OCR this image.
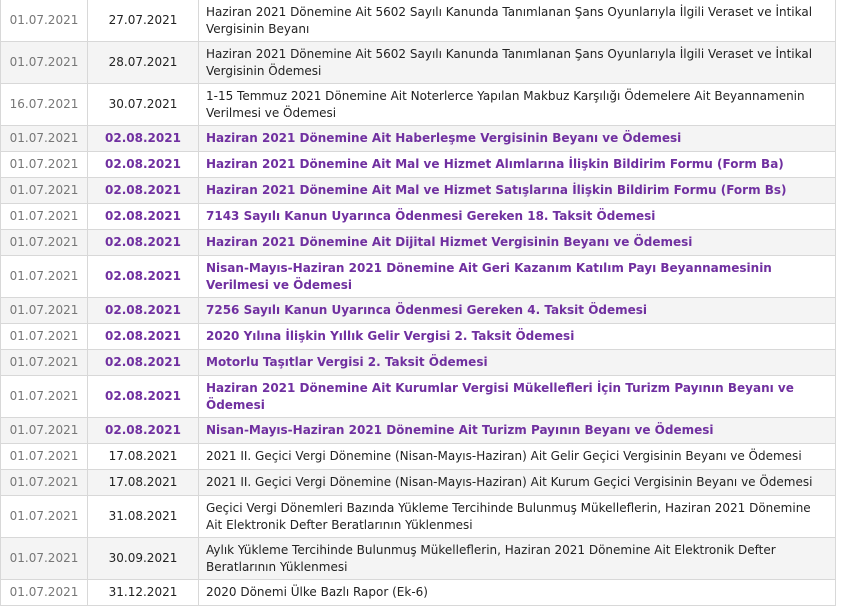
01.07.2021	27.07.2021	Haziran 2021 Dönemine Ait 5602 Sayılı Kanunda Tanımlanan Şans Oyunlarıyla İlgili Veraset ve İntikal Vergisinin Beyanı
01.07.2021	28.07.2021	Haziran 2021 Dönemine Ait 5602 Sayılı Kanunda Tanımlanan Şans Oyunlarıyla İlgili Veraset ve İntikal Vergisinin Ödemesi
16.07.2021	30.07.2021	1-15 Temmuz 2021 Dönemine Ait Noterlerce Yapılan Makbuz Karşılığı Ödemelere Ait Beyannamenin Verilmesi ve Ödemesi
01.07.2021	02.08.2021	Haziran 2021 Dönemine Ait Haberleşme Vergisinin Beyanı ve Ödemesi
01.07.2021	02.08.2021	Haziran 2021 Dönemine Ait Mal ve Hizmet Alımlarına İlişkin Bildirim Formu (Form Ba)
01.07.2021	02.08.2021	Haziran 2021 Dönemine Ait Mal ve Hizmet Satışlarına İlişkin Bildirim Formu (Form Bs)
01.07.2021	02.08.2021	7143 Sayılı Kanun Uyarınca Ödenmesi Gereken 18. Taksit Ödemesi
01.07.2021	02.08.2021	Haziran 2021 Dönemine Ait Dijital Hizmet Vergisinin Beyanı ve Ödemesi
01.07.2021	02.08.2021	Nisan-Mayıs-Haziran 2021 Dönemine Ait Geri Kazanım Katılım Payı Beyannamesinin Verilmesi ve Ödemesi
01.07.2021	02.08.2021	7256 Sayılı Kanun Uyarınca Ödenmesi Gereken 4. Taksit Ödemesi
01.07.2021	02.08.2021	2020 Yılına İlişkin Yıllık Gelir Vergisi 2. Taksit Ödemesi
01.07.2021	02.08.2021	Motorlu Taşıtlar Vergisi 2. Taksit Ödemesi
01.07.2021	02.08.2021	Haziran 2021 Dönemine Ait Kurumlar Vergisi Mükellefleri İçin Turizm Payının Beyanı ve Ödemesi
01.07.2021	02.08.2021	Nisan-Mayıs-Haziran 2021 Dönemine Ait Turizm Payının Beyanı ve Ödemesi
01.07.2021	17.08.2021	2021 II. Geçici Vergi Dönemine (Nisan-Mayıs-Haziran) Ait Gelir Geçici Vergisinin Beyanı ve Ödemesi
01.07.2021	17.08.2021	2021 II. Geçici Vergi Dönemine (Nisan-Mayıs-Haziran) Ait Kurum Geçici Vergisinin Beyanı ve Ödemesi
01.07.2021	31.08.2021	Geçici Vergi Dönemleri Bazında Yükleme Tercihinde Bulunmuş Mükelleflerin, Haziran 2021 Dönemine Ait Elektronik Defter Beratlarının Yüklenmesi
01.07.2021	30.09.2021	Aylık Yükleme Tercihinde Bulunmuş Mükelleflerin, Haziran 2021 Dönemine Ait Elektronik Defter Beratlarının Yüklenmesi
01.07.2021	31.12.2021	2020 Dönemi Ülke Bazlı Rapor (Ek-6)
